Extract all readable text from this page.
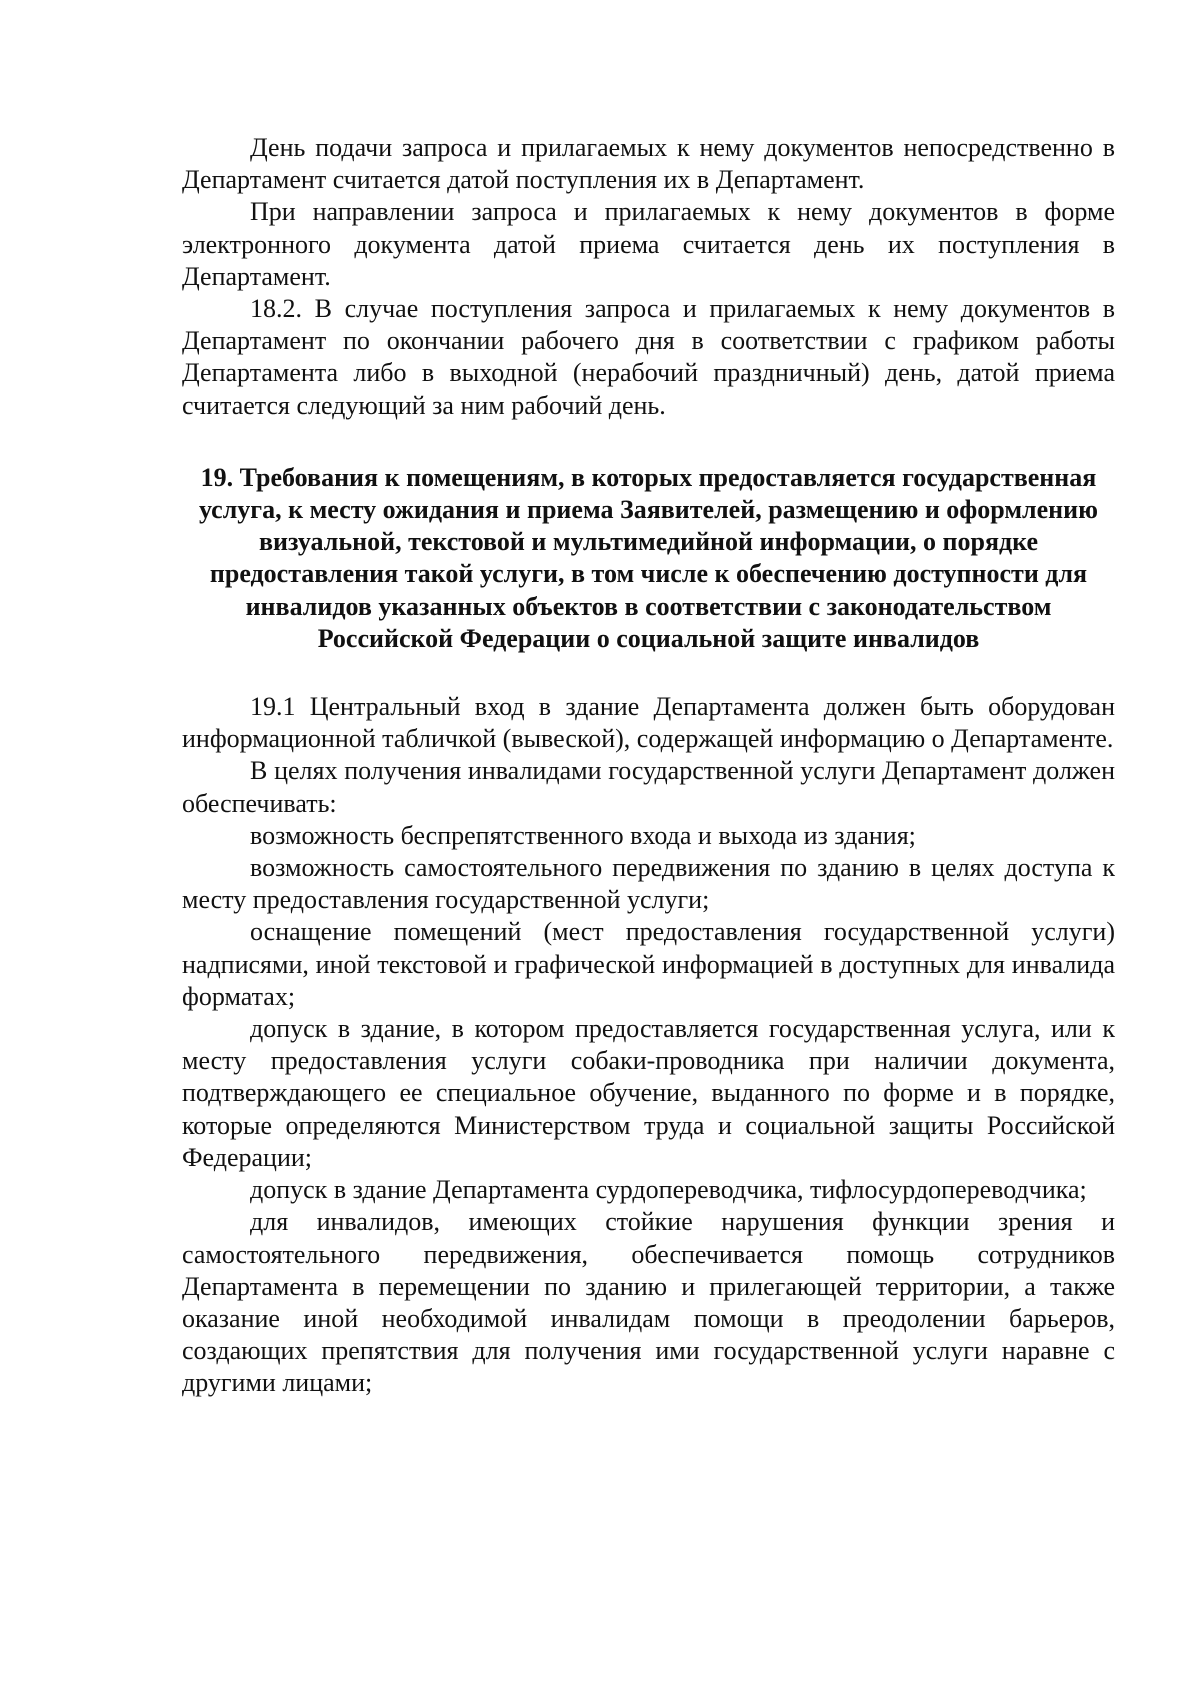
День подачи запроса и прилагаемых к нему документов непосредственно в Департамент считается датой поступления их в Департамент.

При направлении запроса и прилагаемых к нему документов в форме электронного документа датой приема считается день их поступления в Департамент.

18.2. В случае поступления запроса и прилагаемых к нему документов в Департамент по окончании рабочего дня в соответствии с графиком работы Департамента либо в выходной (нерабочий праздничный) день, датой приема считается следующий за ним рабочий день.

19. Требования к помещениям, в которых предоставляется государственная услуга, к месту ожидания и приема Заявителей, размещению и оформлению визуальной, текстовой и мультимедийной информации, о порядке предоставления такой услуги, в том числе к обеспечению доступности для инвалидов указанных объектов в соответствии с законодательством Российской Федерации о социальной защите инвалидов

19.1 Центральный вход в здание Департамента должен быть оборудован информационной табличкой (вывеской), содержащей информацию о Департаменте.

В целях получения инвалидами государственной услуги Департамент должен обеспечивать:

возможность беспрепятственного входа и выхода из здания;

возможность самостоятельного передвижения по зданию в целях доступа к месту предоставления государственной услуги;

оснащение помещений (мест предоставления государственной услуги) надписями, иной текстовой и графической информацией в доступных для инвалида форматах;

допуск в здание, в котором предоставляется государственная услуга, или к месту предоставления услуги собаки-проводника при наличии документа, подтверждающего ее специальное обучение, выданного по форме и в порядке, которые определяются Министерством труда и социальной защиты Российской Федерации;

допуск в здание Департамента сурдопереводчика, тифлосурдопереводчика;

для инвалидов, имеющих стойкие нарушения функции зрения и самостоятельного передвижения, обеспечивается помощь сотрудников Департамента в перемещении по зданию и прилегающей территории, а также оказание иной необходимой инвалидам помощи в преодолении барьеров, создающих препятствия для получения ими государственной услуги наравне с другими лицами;
